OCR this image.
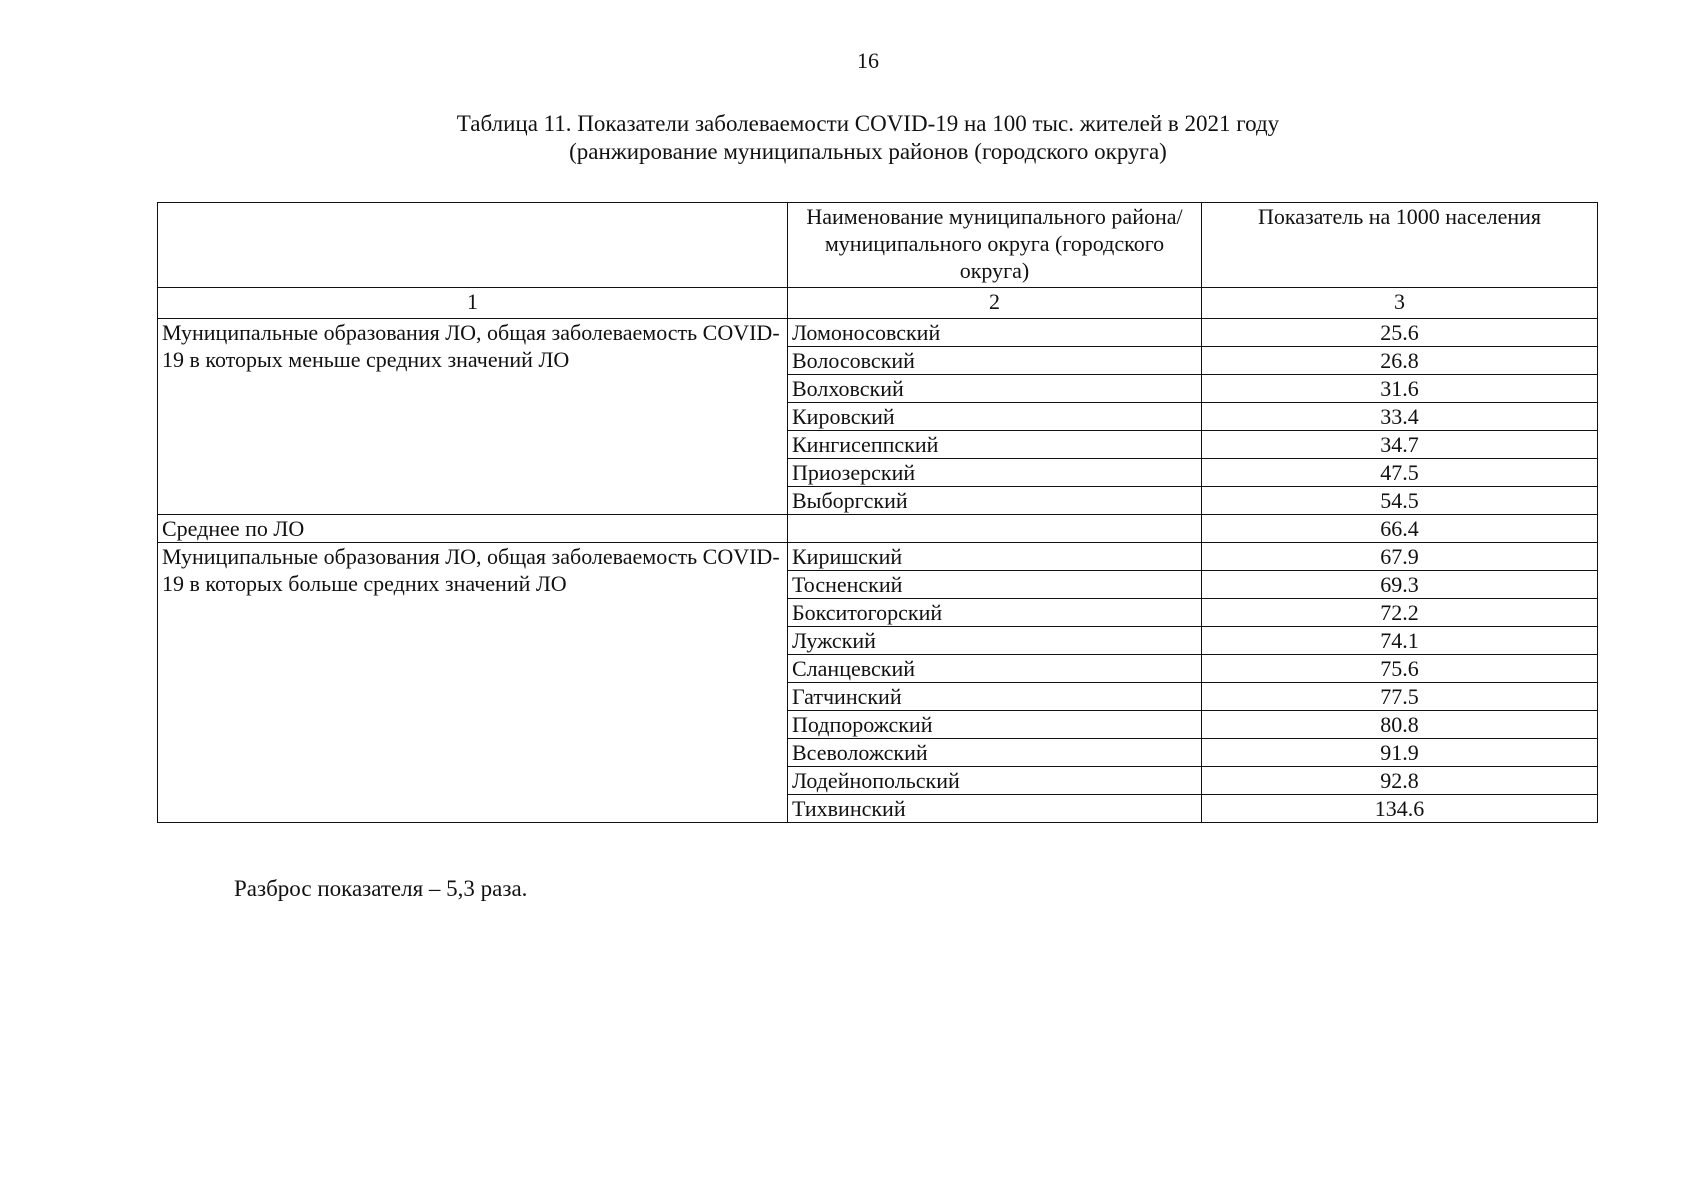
16
Таблица 11. Показатели заболеваемости COVID-19 на 100 тыс. жителей в 2021 году
(ранжирование муниципальных районов (городского округа)
	Наименование муниципального района/муниципального округа (городского округа)	Показатель на 1000 населения
1	2	3
Муниципальные образования ЛО, общая заболеваемость COVID-19 в которых меньше средних значений ЛО	Ломоносовский	25.6
	Волосовский	26.8
	Волховский	31.6
	Кировский	33.4
	Кингисеппский	34.7
	Приозерский	47.5
	Выборгский	54.5
Среднее по ЛО		66.4
Муниципальные образования ЛО, общая заболеваемость COVID-19 в которых больше средних значений ЛО	Киришский	67.9
	Тосненский	69.3
	Бокситогорский	72.2
	Лужский	74.1
	Сланцевский	75.6
	Гатчинский	77.5
	Подпорожский	80.8
	Всеволожский	91.9
	Лодейнопольский	92.8
	Тихвинский	134.6
Разброс показателя – 5,3 раза.
